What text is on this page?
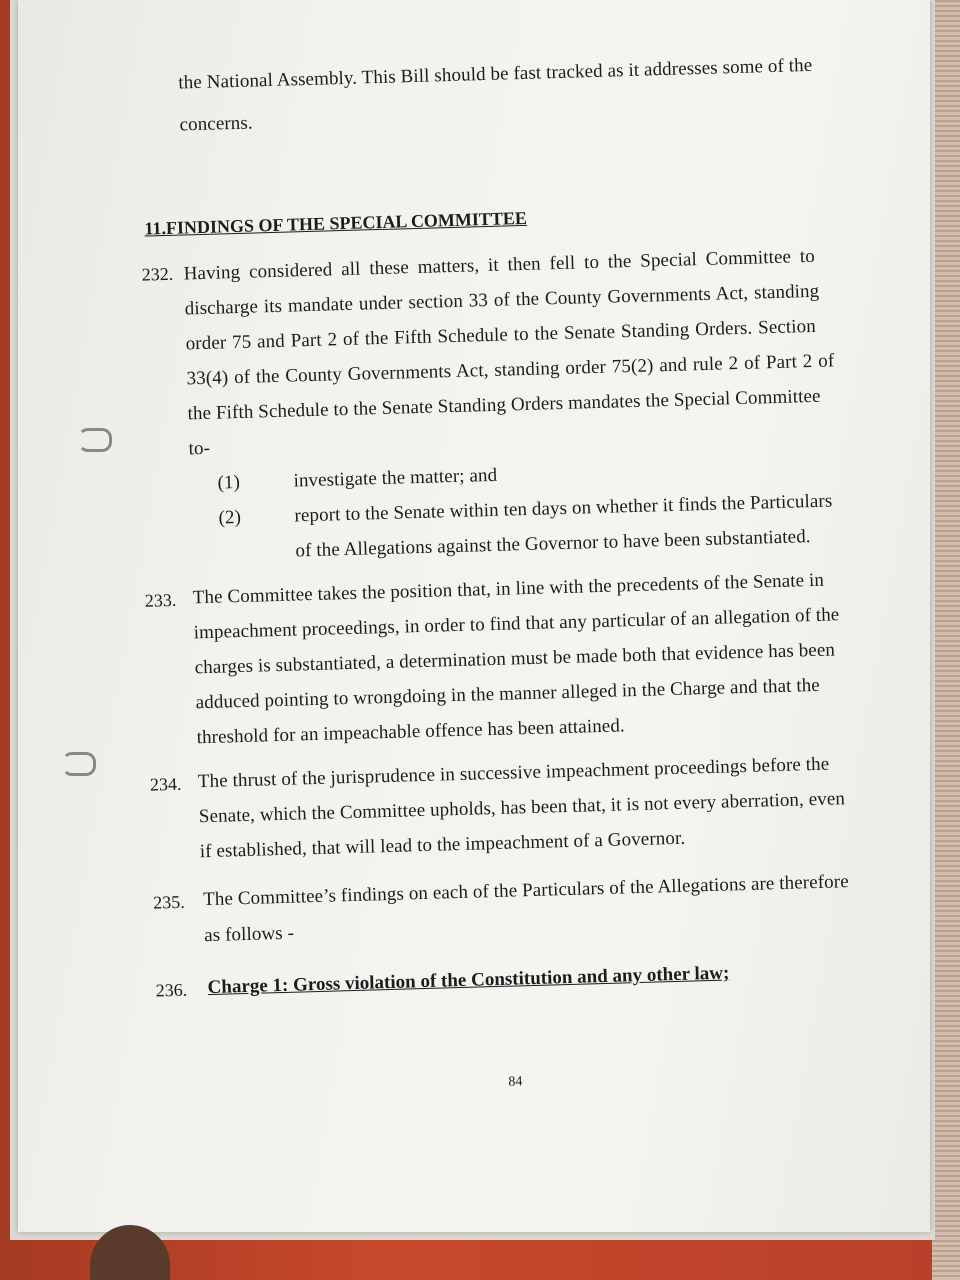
the National Assembly. This Bill should be fast tracked as it addresses some of the
concerns.
11.FINDINGS OF THE SPECIAL COMMITTEE
232. Having considered all these matters, it then fell to the Special Committee to
discharge its mandate under section 33 of the County Governments Act, standing
order 75 and Part 2 of the Fifth Schedule to the Senate Standing Orders. Section
33(4) of the County Governments Act, standing order 75(2) and rule 2 of Part 2 of
the Fifth Schedule to the Senate Standing Orders mandates the Special Committee
to-
(1)	investigate the matter; and
(2)	report to the Senate within ten days on whether it finds the Particulars
of the Allegations against the Governor to have been substantiated.
233. The Committee takes the position that, in line with the precedents of the Senate in
impeachment proceedings, in order to find that any particular of an allegation of the
charges is substantiated, a determination must be made both that evidence has been
adduced pointing to wrongdoing in the manner alleged in the Charge and that the
threshold for an impeachable offence has been attained.
234. The thrust of the jurisprudence in successive impeachment proceedings before the
Senate, which the Committee upholds, has been that, it is not every aberration, even
if established, that will lead to the impeachment of a Governor.
235. The Committee’s findings on each of the Particulars of the Allegations are therefore
as follows -
236. Charge 1: Gross violation of the Constitution and any other law;
84
